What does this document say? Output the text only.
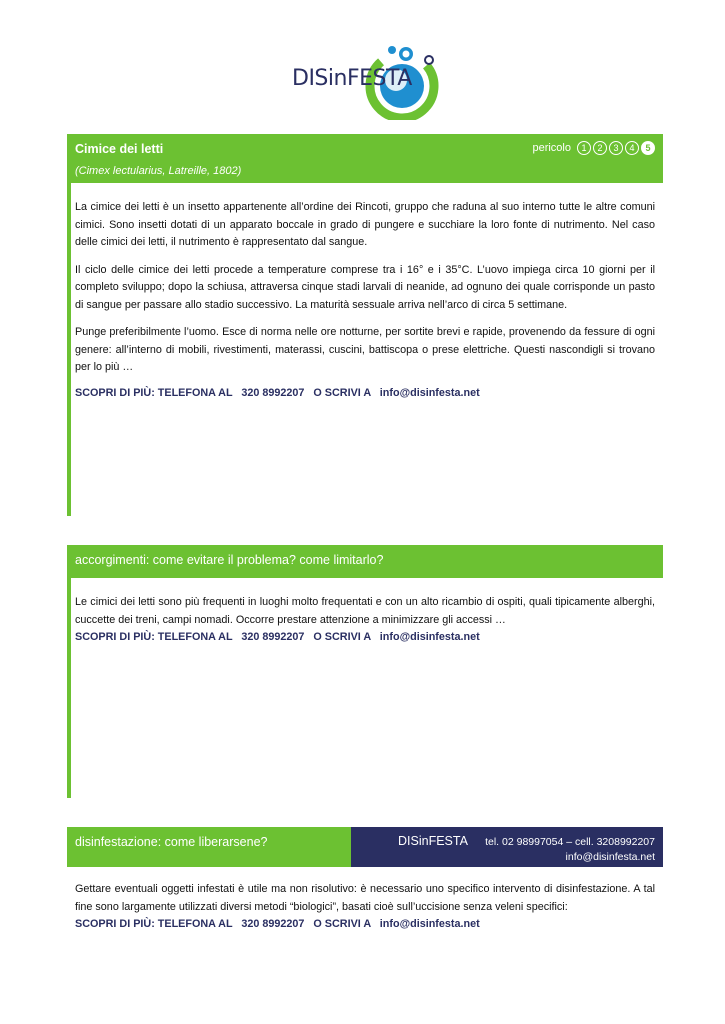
DISinFESTA
Cimice dei letti
(Cimex lectularius, Latreille, 1802)
pericolo	1	2	3	4	5

La cimice dei letti è un insetto appartenente all’ordine dei Rincoti, gruppo che raduna al suo interno tutte le altre comuni cimici. Sono insetti dotati di un apparato boccale in grado di pungere e succhiare la loro fonte di nutrimento. Nel caso delle cimici dei letti, il nutrimento è rappresentato dal sangue.

Il ciclo delle cimice dei letti procede a temperature comprese tra i 16° e i 35°C. L’uovo impiega circa 10 giorni per il completo sviluppo; dopo la schiusa, attraversa cinque stadi larvali di neanide, ad ognuno dei quale corrisponde un pasto di sangue per passare allo stadio successivo. La maturità sessuale arriva nell’arco di circa 5 settimane.

Punge preferibilmente l’uomo. Esce di norma nelle ore notturne, per sortite brevi e rapide, provenendo da fessure di ogni genere: all’interno di mobili, rivestimenti, materassi, cuscini, battiscopa o prese elettriche. Questi nascondigli si trovano per lo più …

SCOPRI DI PIÙ: TELEFONA AL   320 8992207   O SCRIVI A   info@disinfesta.net
accorgimenti: come evitare il problema? come limitarlo?

Le cimici dei letti sono più frequenti in luoghi molto frequentati e con un alto ricambio di ospiti, quali tipicamente alberghi, cuccette dei treni, campi nomadi. Occorre prestare attenzione a minimizzare gli accessi …

SCOPRI DI PIÙ: TELEFONA AL   320 8992207   O SCRIVI A   info@disinfesta.net
disinfestazione: come liberarsene?	DISinFESTA tel. 02 98997054 – cell. 3208992207
info@disinfesta.net

Gettare eventuali oggetti infestati è utile ma non risolutivo: è necessario uno specifico intervento di disinfestazione. A tal fine sono largamente utilizzati diversi metodi “biologici”, basati cioè sull’uccisione senza veleni specifici:

SCOPRI DI PIÙ: TELEFONA AL   320 8992207   O SCRIVI A   info@disinfesta.net
